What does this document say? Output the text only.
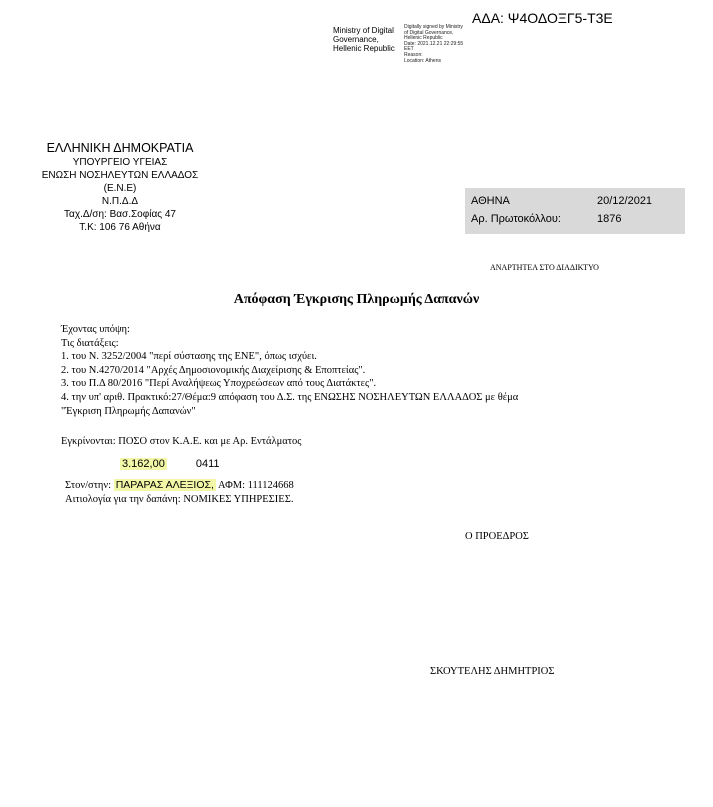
ΑΔΑ: Ψ4ΟΔΟΞΓ5-Τ3Ε
Ministry of Digital
Governance,
Hellenic Republic
Digitally signed by Ministry
of Digital Governance,
Hellenic Republic
Date: 2021.12.21 22:29:55
EET
Reason:
Location: Athens
ΕΛΛΗΝΙΚΗ ΔΗΜΟΚΡΑΤΙΑ
ΥΠΟΥΡΓΕΙΟ ΥΓΕΙΑΣ
ΕΝΩΣΗ ΝΟΣΗΛΕΥΤΩΝ ΕΛΛΑΔΟΣ
(Ε.Ν.Ε)
Ν.Π.Δ.Δ
Ταχ.Δ/ση: Βασ.Σοφίας 47
Τ.Κ: 106 76 Αθήνα
ΑΘΗΝΑ	20/12/2021
Αρ. Πρωτοκόλλου:	1876
ΑΝΑΡΤΗΤΕΑ ΣΤΟ ΔΙΑΔΙΚΤΥΟ
Απόφαση Έγκρισης Πληρωμής Δαπανών
Έχοντας υπόψη:
Τις διατάξεις:
1. του Ν. 3252/2004 "περί σύστασης της ΕΝΕ", όπως ισχύει.
2. του Ν.4270/2014 "Αρχές Δημοσιονομικής Διαχείρισης & Εποπτείας".
3. του Π.Δ 80/2016 "Περί Αναλήψεως Υποχρεώσεων από τους Διατάκτες".
4. την υπ' αριθ. Πρακτικό:27/Θέμα:9 απόφαση του Δ.Σ. της ΕΝΩΣΗΣ ΝΟΣΗΛΕΥΤΩΝ ΕΛΛΑΔΟΣ με θέμα
"Έγκριση Πληρωμής Δαπανών"
Εγκρίνονται: ΠΟΣΟ στον Κ.Α.Ε. και με Αρ. Εντάλματος
3.162,00	0411
Στον/στην: ΠΑΡΑΡΑΣ ΑΛΕΞΙΟΣ, ΑΦΜ: 111124668
Αιτιολογία για την δαπάνη: ΝΟΜΙΚΕΣ ΥΠΗΡΕΣΙΕΣ.
Ο ΠΡΟΕΔΡΟΣ
ΣΚΟΥΤΕΛΗΣ ΔΗΜΗΤΡΙΟΣ
